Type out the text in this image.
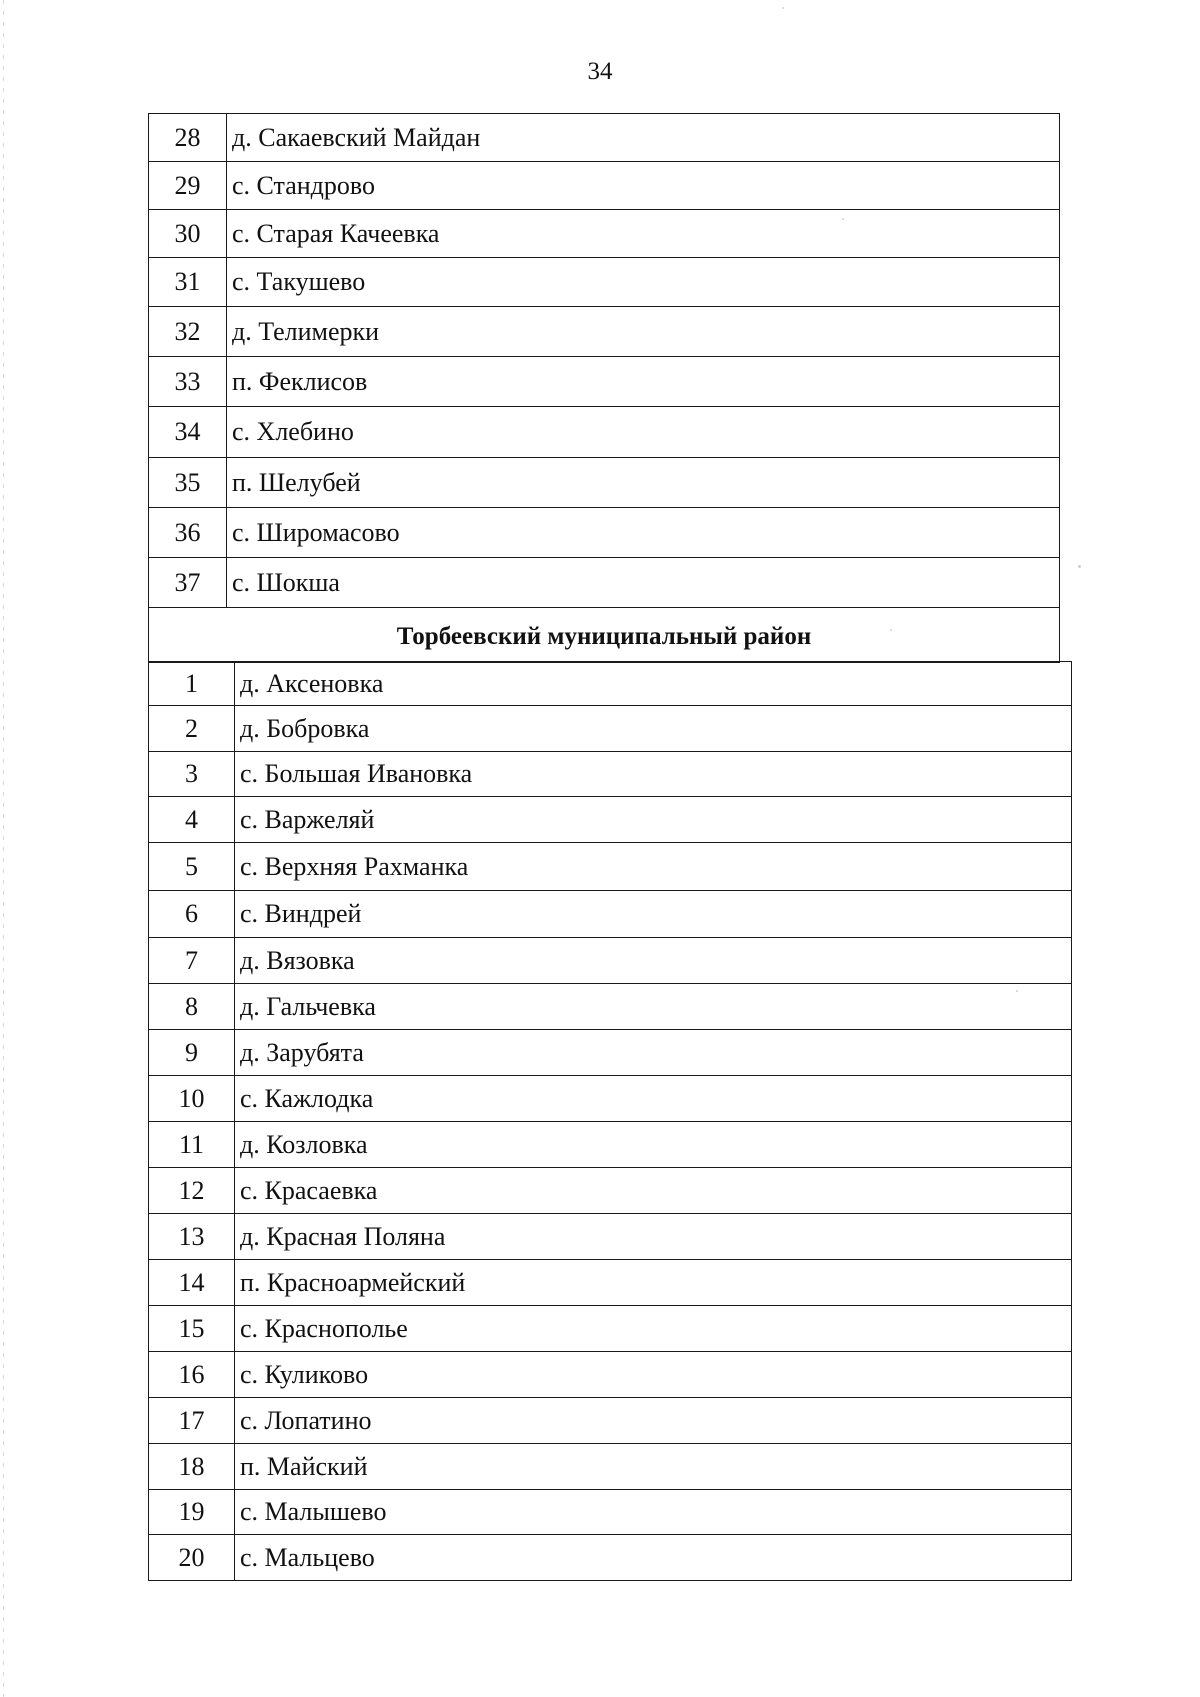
34
28	д. Сакаевский Майдан
29	с. Стандрово
30	с. Старая Качеевка
31	с. Такушево
32	д. Телимерки
33	п. Феклисов
34	с. Хлебино
35	п. Шелубей
36	с. Широмасово
37	с. Шокша
Торбеевский муниципальный район	
1	д. Аксеновка
2	д. Бобровка
3	с. Большая Ивановка
4	с. Варжеляй
5	с. Верхняя Рахманка
6	с. Виндрей
7	д. Вязовка
8	д. Гальчевка
9	д. Зарубята
10	с. Кажлодка
11	д. Козловка
12	с. Красаевка
13	д. Красная Поляна
14	п. Красноармейский
15	с. Краснополье
16	с. Куликово
17	с. Лопатино
18	п. Майский
19	с. Малышево
20	с. Мальцево
